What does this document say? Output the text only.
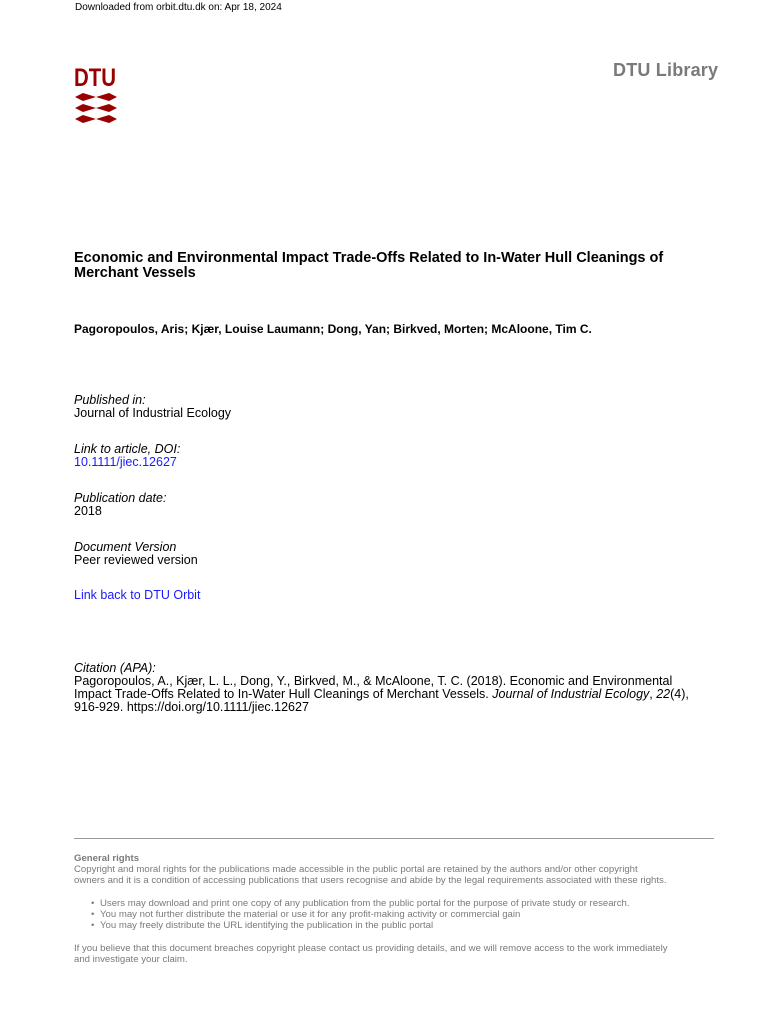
Downloaded from orbit.dtu.dk on: Apr 18, 2024
DTU	DTU Library
Economic and Environmental Impact Trade-Offs Related to In-Water Hull Cleanings of
Merchant Vessels
Pagoropoulos, Aris; Kjær, Louise Laumann; Dong, Yan; Birkved, Morten; McAloone, Tim C.
Published in:
Journal of Industrial Ecology
Link to article, DOI:
10.1111/jiec.12627
Publication date:
2018
Document Version
Peer reviewed version
Link back to DTU Orbit
Citation (APA):
Pagoropoulos, A., Kjær, L. L., Dong, Y., Birkved, M., & McAloone, T. C. (2018). Economic and Environmental
Impact Trade-Offs Related to In-Water Hull Cleanings of Merchant Vessels. Journal of Industrial Ecology, 22(4),
916-929. https://doi.org/10.1111/jiec.12627
General rights
Copyright and moral rights for the publications made accessible in the public portal are retained by the authors and/or other copyright
owners and it is a condition of accessing publications that users recognise and abide by the legal requirements associated with these rights.
• Users may download and print one copy of any publication from the public portal for the purpose of private study or research.
• You may not further distribute the material or use it for any profit-making activity or commercial gain
• You may freely distribute the URL identifying the publication in the public portal
If you believe that this document breaches copyright please contact us providing details, and we will remove access to the work immediately
and investigate your claim.
